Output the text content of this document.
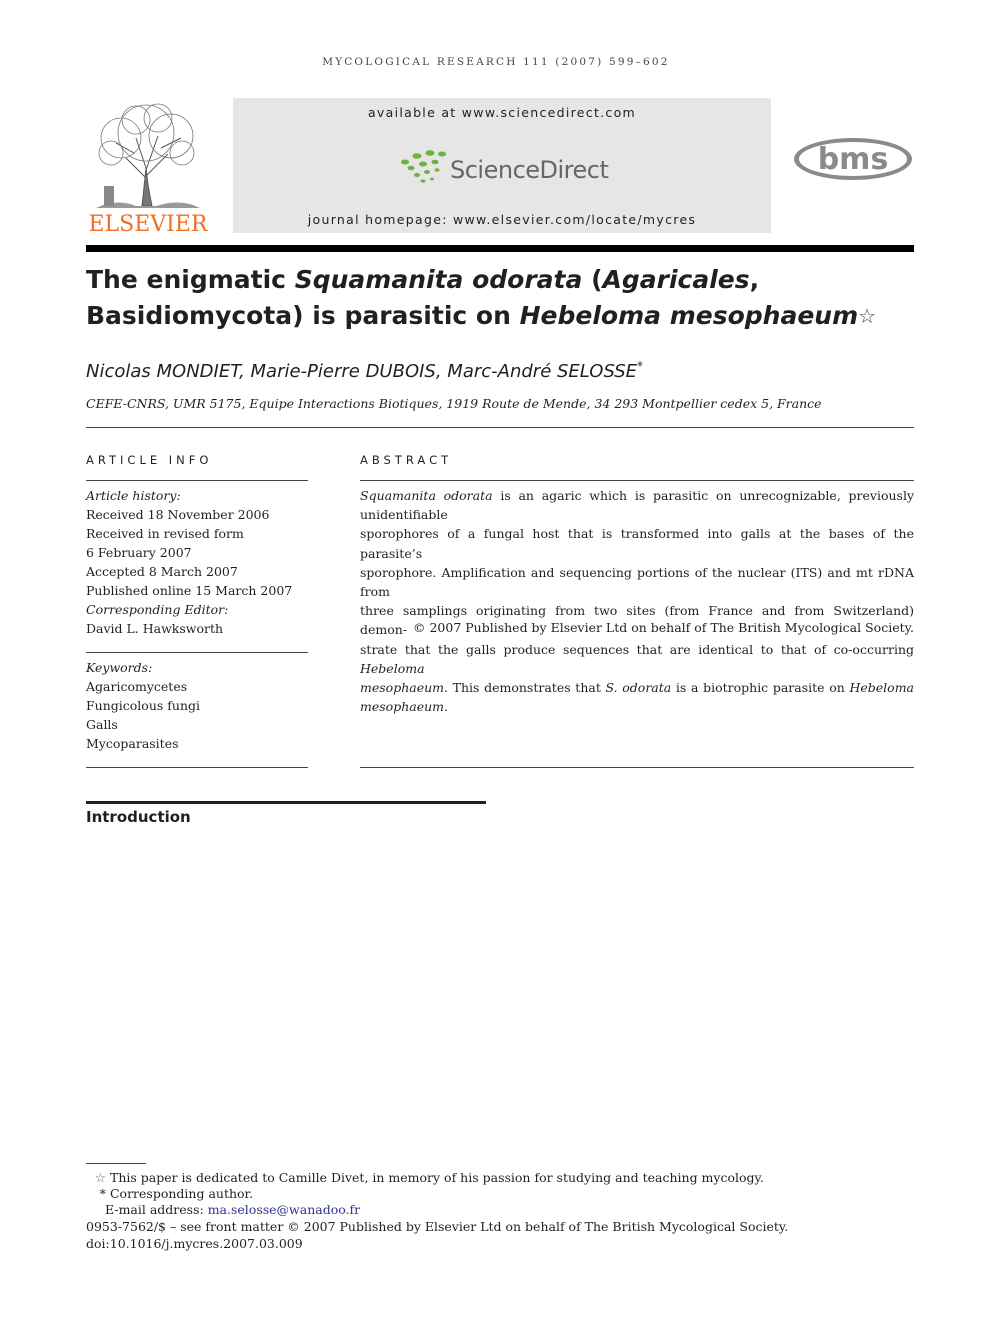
MYCOLOGICAL RESEARCH 111 (2007) 599–602
ELSEVIER
available at www.sciencedirect.com
ScienceDirect
journal homepage: www.elsevier.com/locate/mycres
bms
The enigmatic Squamanita odorata (Agaricales,
Basidiomycota) is parasitic on Hebeloma mesophaeum☆
Nicolas MONDIET, Marie-Pierre DUBOIS, Marc-André SELOSSE*
CEFE-CNRS, UMR 5175, Equipe Interactions Biotiques, 1919 Route de Mende, 34 293 Montpellier cedex 5, France
ARTICLE INFO
Article history:
Received 18 November 2006
Received in revised form
6 February 2007
Accepted 8 March 2007
Published online 15 March 2007
Corresponding Editor:
David L. Hawksworth
Keywords:
Agaricomycetes
Fungicolous fungi
Galls
Mycoparasites
ABSTRACT
Squamanita odorata is an agaric which is parasitic on unrecognizable, previously unidentifiable
sporophores of a fungal host that is transformed into galls at the bases of the parasite’s
sporophore. Amplification and sequencing portions of the nuclear (ITS) and mt rDNA from
three samplings originating from two sites (from France and from Switzerland) demon-
strate that the galls produce sequences that are identical to that of co-occurring Hebeloma
mesophaeum. This demonstrates that S. odorata is a biotrophic parasite on Hebeloma
mesophaeum.
© 2007 Published by Elsevier Ltd on behalf of The British Mycological Society.
Introduction
☆ This paper is dedicated to Camille Divet, in memory of his passion for studying and teaching mycology.
* Corresponding author.
E-mail address: ma.selosse@wanadoo.fr
0953-7562/$ – see front matter © 2007 Published by Elsevier Ltd on behalf of The British Mycological Society.
doi:10.1016/j.mycres.2007.03.009
